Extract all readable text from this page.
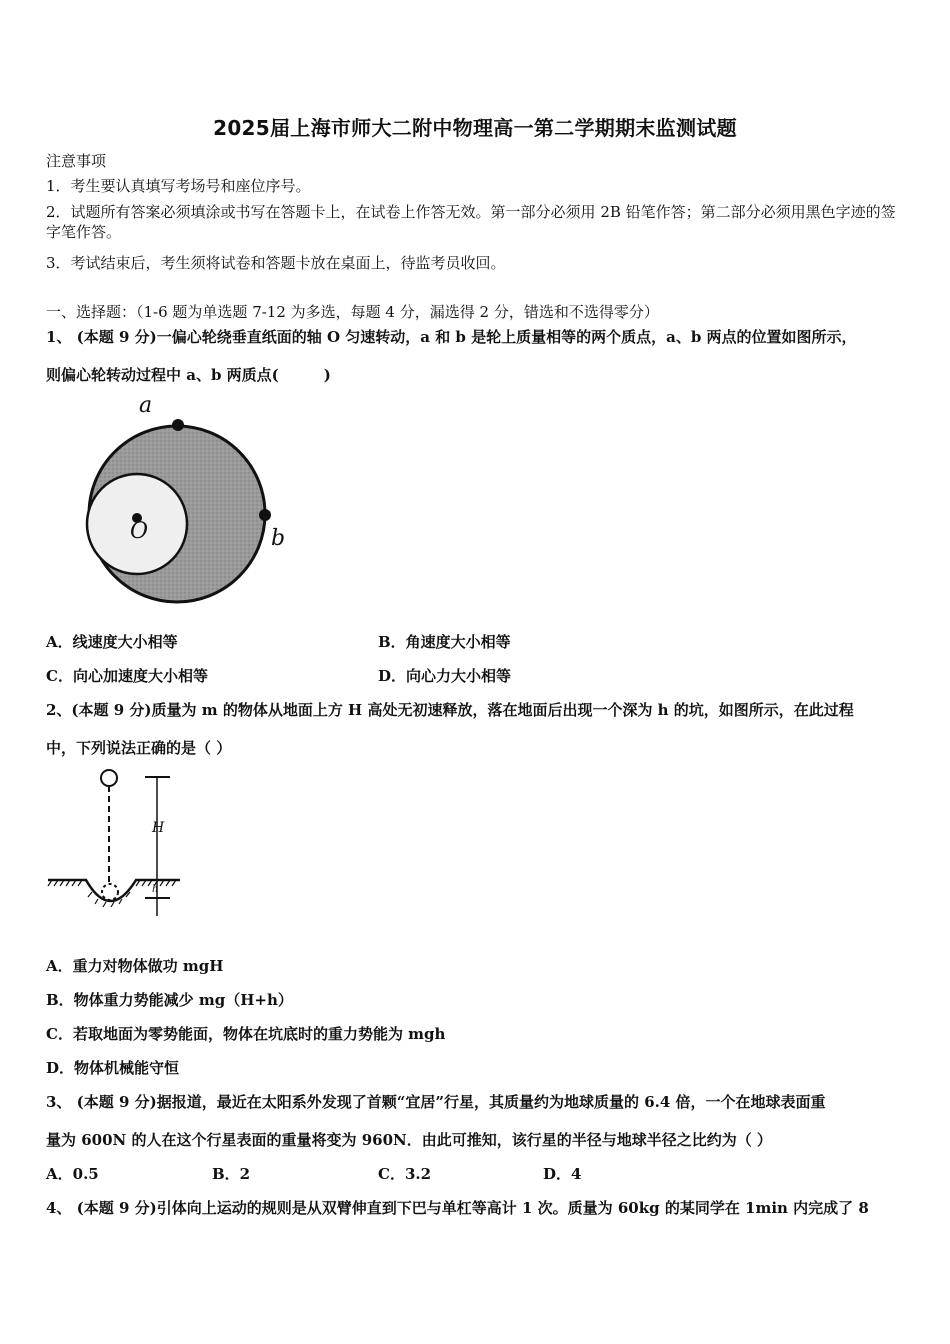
2025届上海市师大二附中物理高一第二学期期末监测试题
注意事项
1．考生要认真填写考场号和座位序号。
2．试题所有答案必须填涂或书写在答题卡上，在试卷上作答无效。第一部分必须用 2B 铅笔作答；第二部分必须用黑色字迹的签字笔作答。
3．考试结束后，考生须将试卷和答题卡放在桌面上，待监考员收回。
一、选择题：（1-6 题为单选题 7-12 为多选，每题 4 分，漏选得 2 分，错选和不选得零分）
1、 (本题 9 分)一偏心轮绕垂直纸面的轴 O 匀速转动，a 和 b 是轮上质量相等的两个质点，a、b 两点的位置如图所示，
则偏心轮转动过程中 a、b 两质点(　　　)
O
a
b
A．线速度大小相等	B．角速度大小相等
C．向心加速度大小相等	D．向心力大小相等
2、(本题 9 分)质量为 m 的物体从地面上方 H 高处无初速释放，落在地面后出现一个深为 h 的坑，如图所示，在此过程
中，下列说法正确的是（ ）
H
h
A．重力对物体做功 mgH
B．物体重力势能减少 mg（H+h）
C．若取地面为零势能面，物体在坑底时的重力势能为 mgh
D．物体机械能守恒
3、 (本题 9 分)据报道，最近在太阳系外发现了首颗“宜居”行星，其质量约为地球质量的 6.4 倍，一个在地球表面重
量为 600N 的人在这个行星表面的重量将变为 960N．由此可推知，该行星的半径与地球半径之比约为（ ）
A．0.5	B．2	C．3.2	D．4
4、 (本题 9 分)引体向上运动的规则是从双臂伸直到下巴与单杠等高计 1 次。质量为 60kg 的某同学在 1min 内完成了 8
